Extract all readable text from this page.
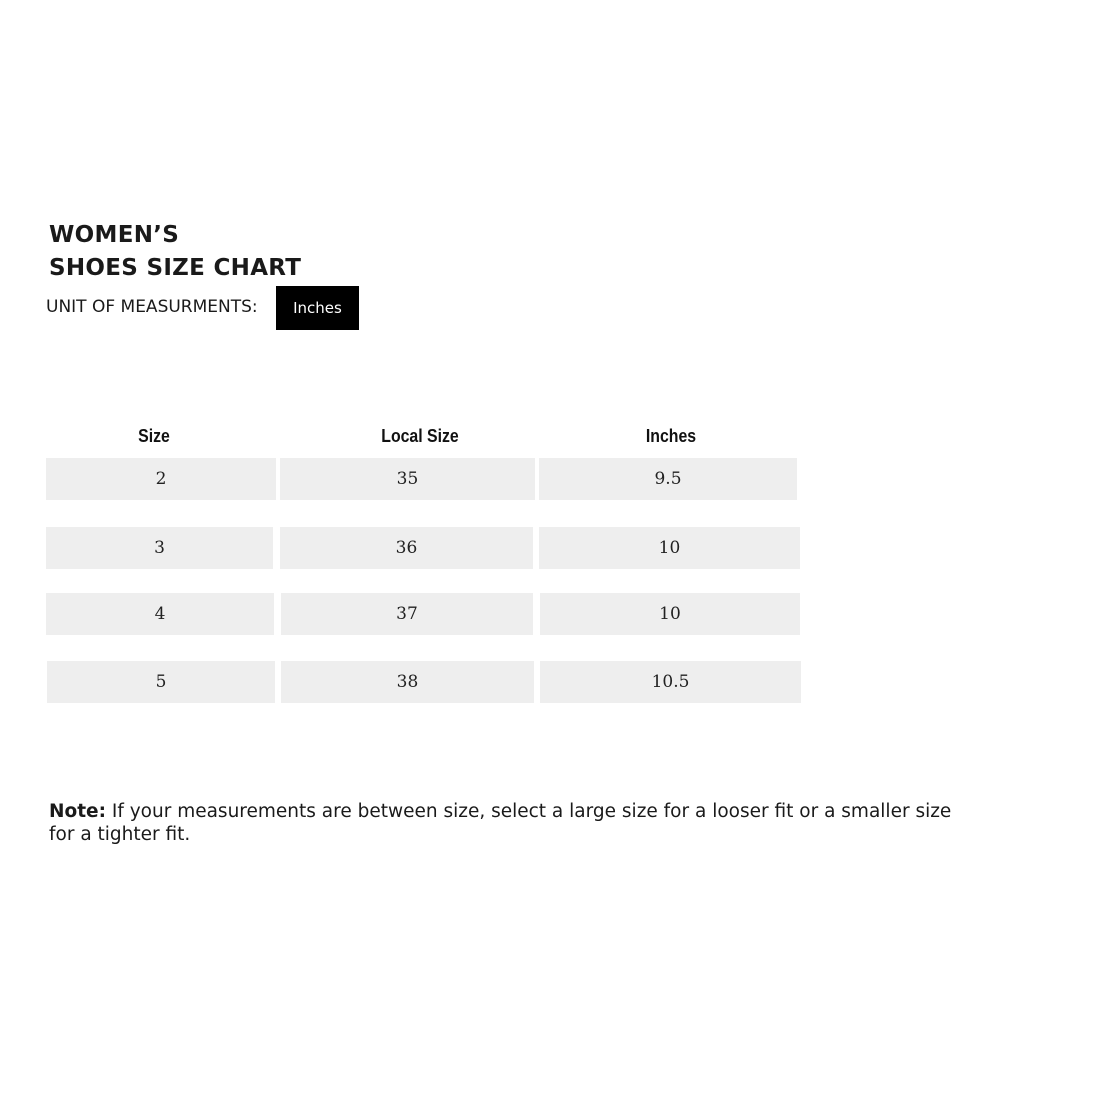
WOMEN’S
SHOES SIZE CHART
UNIT OF MEASURMENTS:	Inches
Size	Local Size	Inches
2	35	9.5
3	36	10
4	37	10
5	38	10.5

Note: If your measurements are between size, select a large size for a looser fit or a smaller size for a tighter fit.
